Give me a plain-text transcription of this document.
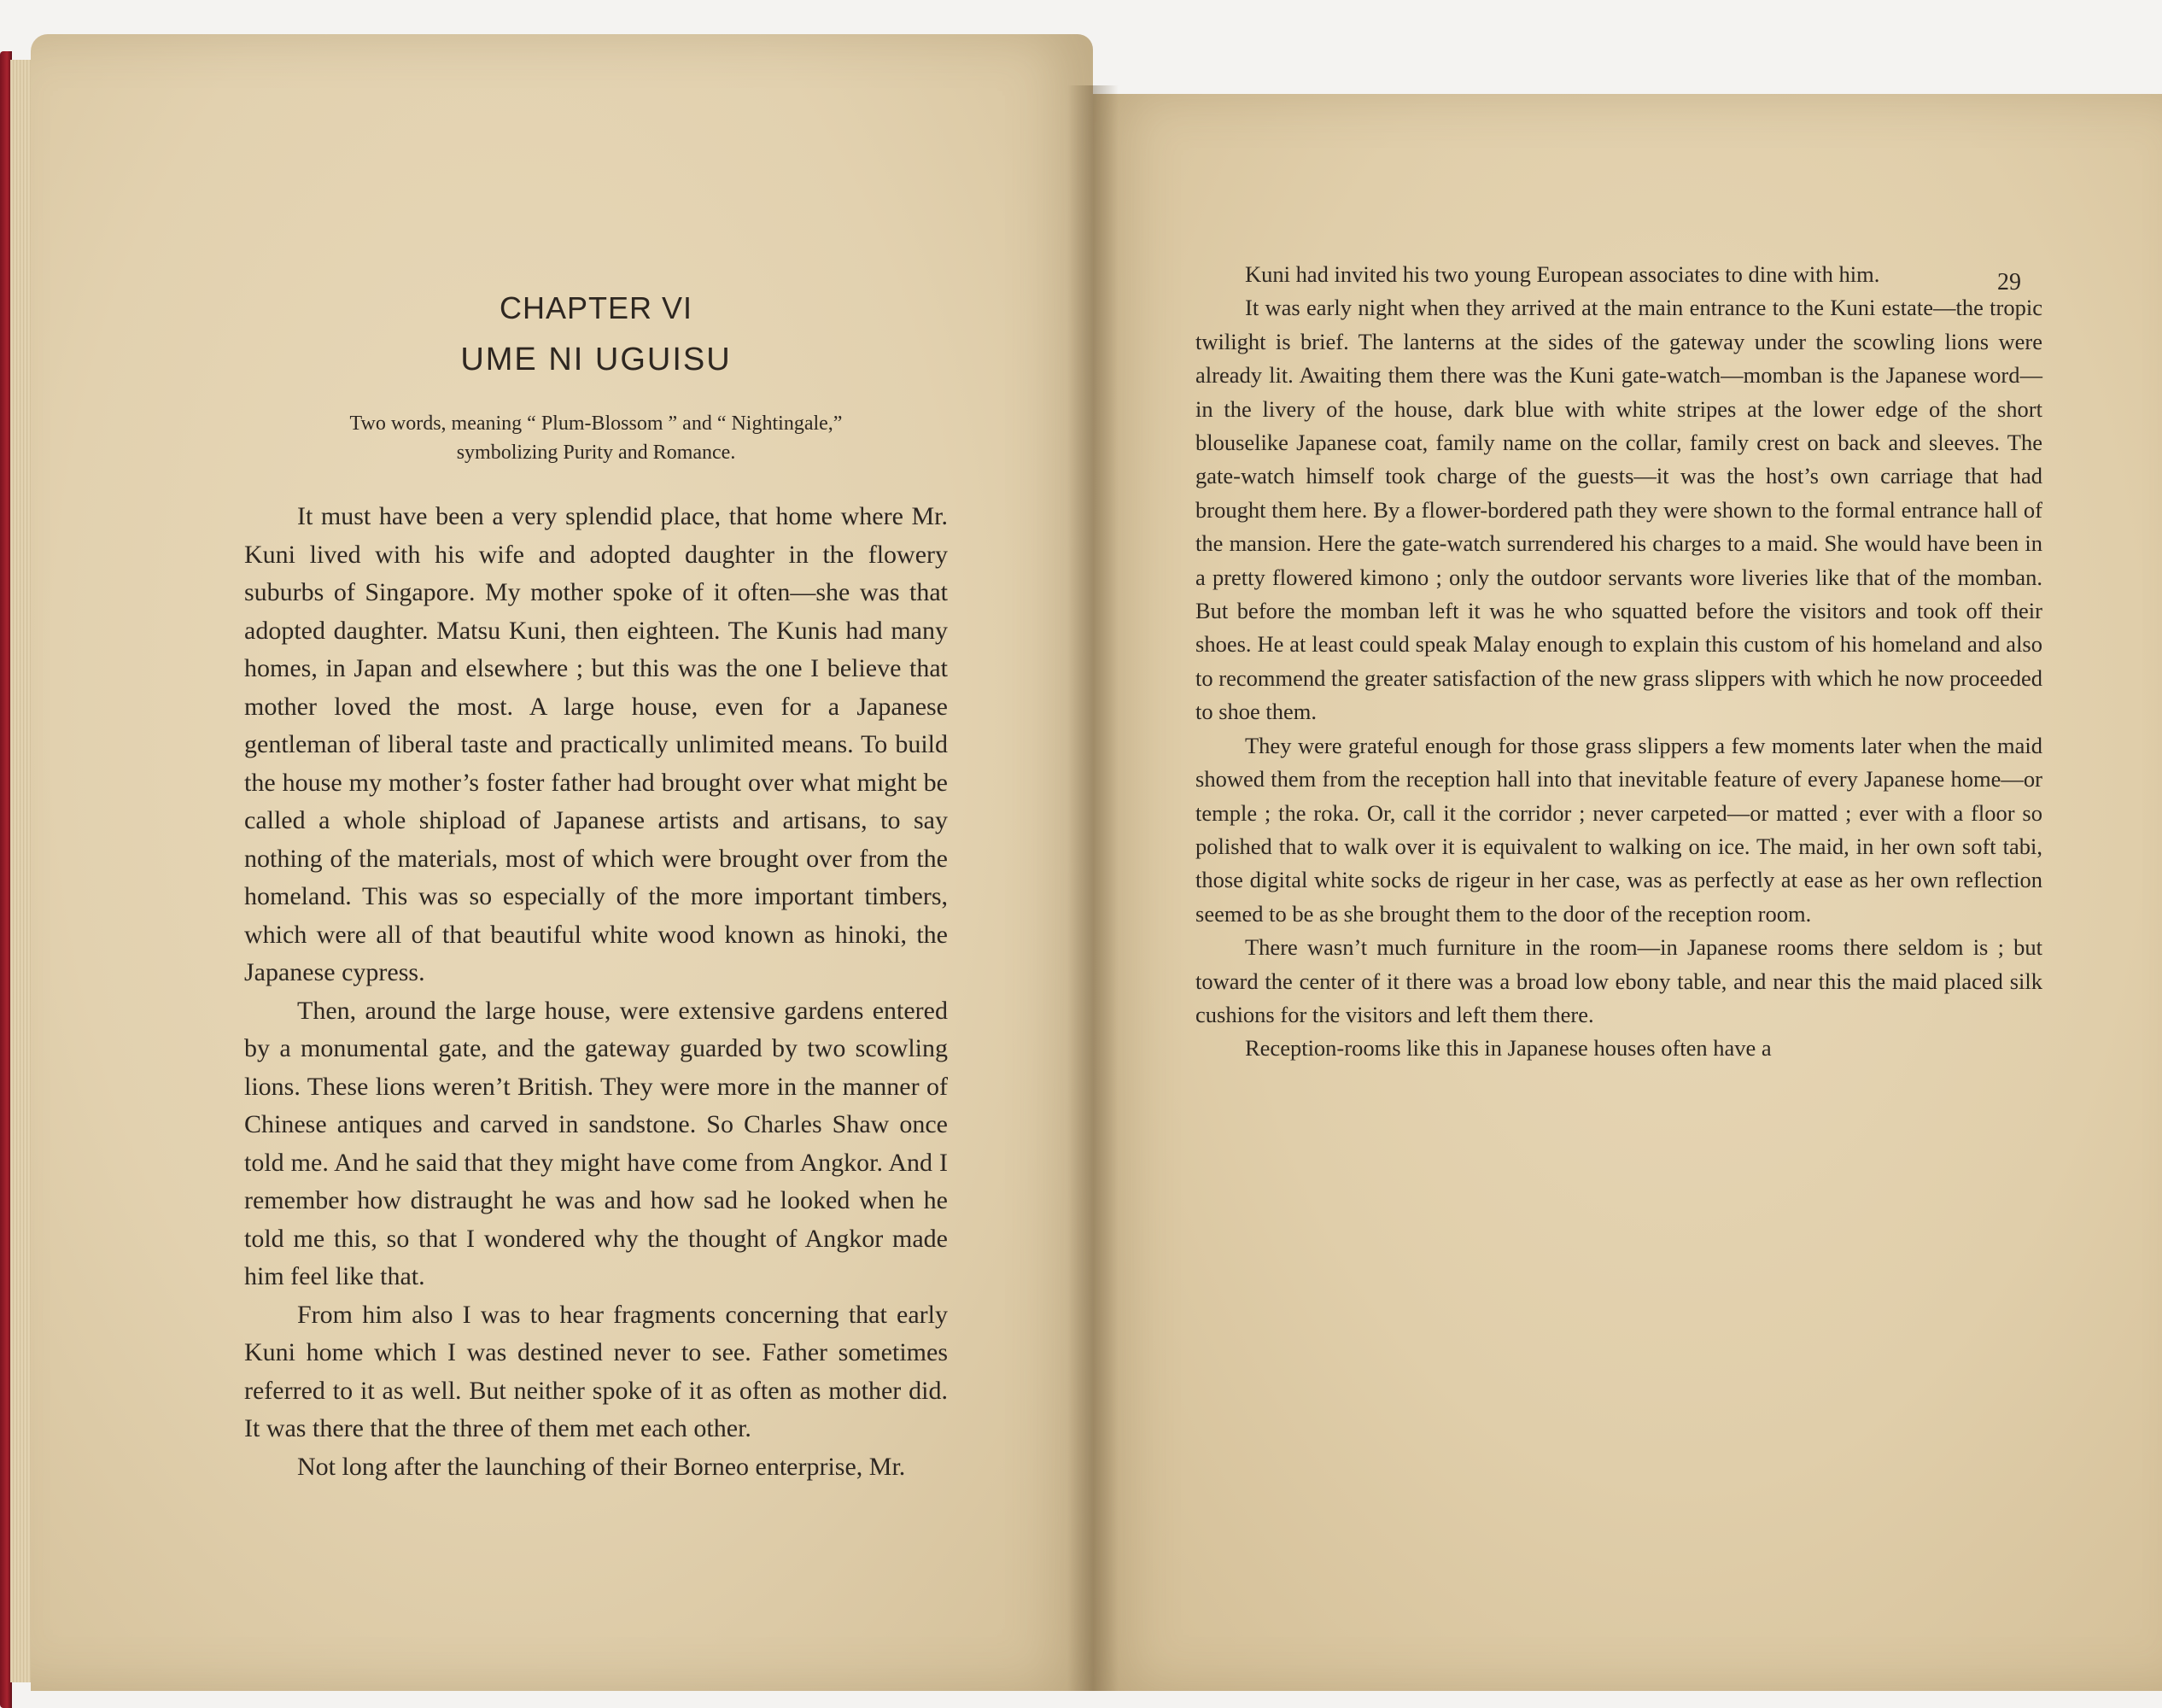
CHAPTER VI
UME NI UGUISU
Two words, meaning “ Plum-Blossom ” and “ Nightingale,”
symbolizing Purity and Romance.

It must have been a very splendid place, that home where Mr. Kuni lived with his wife and adopted daughter in the flowery suburbs of Singapore. My mother spoke of it often—she was that adopted daughter. Matsu Kuni, then eighteen. The Kunis had many homes, in Japan and elsewhere ; but this was the one I believe that mother loved the most. A large house, even for a Japanese gentleman of liberal taste and practically unlimited means. To build the house my mother’s foster father had brought over what might be called a whole shipload of Japanese artists and artisans, to say nothing of the materials, most of which were brought over from the homeland. This was so especially of the more important timbers, which were all of that beautiful white wood known as hinoki, the Japanese cypress.

Then, around the large house, were extensive gardens entered by a monumental gate, and the gateway guarded by two scowling lions. These lions weren’t British. They were more in the manner of Chinese antiques and carved in sandstone. So Charles Shaw once told me. And he said that they might have come from Angkor. And I remember how distraught he was and how sad he looked when he told me this, so that I wondered why the thought of Angkor made him feel like that.

From him also I was to hear fragments concerning that early Kuni home which I was destined never to see. Father sometimes referred to it as well. But neither spoke of it as often as mother did. It was there that the three of them met each other.

Not long after the launching of their Borneo enterprise, Mr.

29

Kuni had invited his two young European associates to dine with him.

It was early night when they arrived at the main entrance to the Kuni estate—the tropic twilight is brief. The lanterns at the sides of the gateway under the scowling lions were already lit. Awaiting them there was the Kuni gate-watch—momban is the Japanese word—in the livery of the house, dark blue with white stripes at the lower edge of the short blouselike Japanese coat, family name on the collar, family crest on back and sleeves. The gate-watch himself took charge of the guests—it was the host’s own carriage that had brought them here. By a flower-bordered path they were shown to the formal entrance hall of the mansion. Here the gate-watch surrendered his charges to a maid. She would have been in a pretty flowered kimono ; only the outdoor servants wore liveries like that of the momban. But before the momban left it was he who squatted before the visitors and took off their shoes. He at least could speak Malay enough to explain this custom of his homeland and also to recommend the greater satisfaction of the new grass slippers with which he now proceeded to shoe them.

They were grateful enough for those grass slippers a few moments later when the maid showed them from the reception hall into that inevitable feature of every Japanese home—or temple ; the roka. Or, call it the corridor ; never carpeted—or matted ; ever with a floor so polished that to walk over it is equivalent to walking on ice. The maid, in her own soft tabi, those digital white socks de rigeur in her case, was as perfectly at ease as her own reflection seemed to be as she brought them to the door of the reception room.

There wasn’t much furniture in the room—in Japanese rooms there seldom is ; but toward the center of it there was a broad low ebony table, and near this the maid placed silk cushions for the visitors and left them there.

Reception-rooms like this in Japanese houses often have a
